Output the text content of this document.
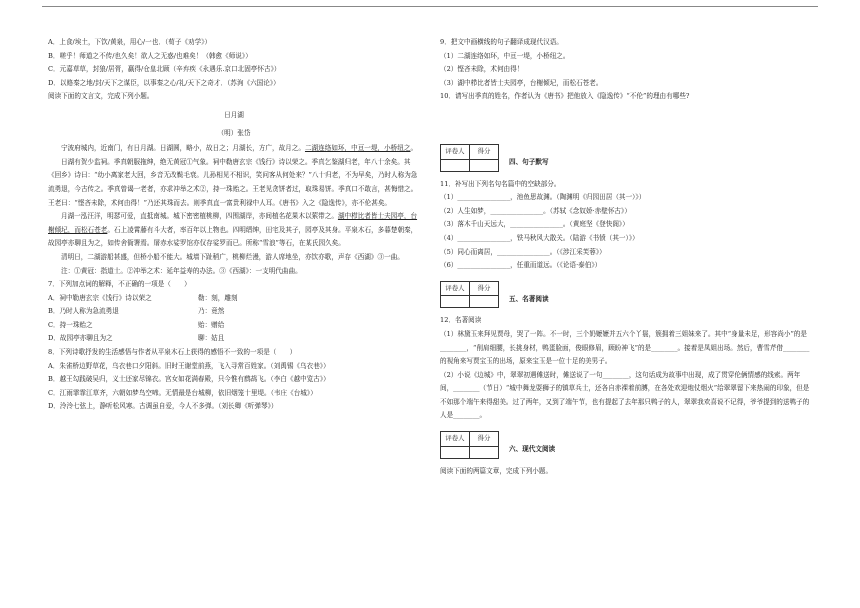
A．上食/埃土，下饮/黄泉，用心/一也．（荀子《劝学》）
B．嗟乎！师道之不传/也久矣！欲人之无惑/也难矣！（韩愈《师说》）
C．元嘉草草，封狼/居胥，赢得/仓皇北顾（辛弃疾《永遇乐.京口北固亭怀古》）
D．以赂秦之地/封/天下之谋臣，以事秦之心/礼/天下之奇才．（苏洵《六国论》）
阅读下面的文言文，完成下列小题。
日月湖
（明）张岱
宁波府城内，近南门，有日月湖。日湖圆，略小，故日之；月湖长，方广，故月之。二湖连络如环，中亘一堤，小桥纽之。
日湖有贺少监祠。季真朝服拖绅，绝无黄冠①气象。祠中勒唐玄宗《饯行》诗以荣之。季真乞鉴湖归老，年八十余矣。其《回乡》诗曰：“幼小离家老大回，乡音无改鬓毛衰。儿孙相见不相识，笑问客从何处来？”八十归老，不为早矣，乃时人称为急流勇退，今古传之。季真曾谒一老者，亦求冲举之术②，持一珠贻之。王老见贪饼者过，取珠易饼。季真口不敢言，甚悔惜之。王老曰：“悭吝未除，术何由得！”乃还其珠而去。则季真直一富贵利禄中人耳。《唐书》入之《隐逸传》，亦不伦甚矣。
月湖一泓汪洋，明瑟可爱，直抵南城。城下密密植桃柳，四围湖岸，亦间植名花果木以萦带之。湖中栉比者皆士夫园亭，台榭倾圮，而松石苍老。石上凌霄藤有斗大者，率百年以上物也。四明缙绅，田宅及其子，园亭及其身。平泉木石，多暮楚朝秦，故园亭亦聊且为之，如传舍衙署焉。屠赤水娑罗馆亦仅存娑罗而已。所称“雪浪”等石，在某氏园久矣。
清明日，二湖游船甚盛，但桥小船不能大。城墙下趾稍广，桃柳烂漫，游人席地坐，亦饮亦歌，声存《西湖》③一曲。
注：①黄冠：指道士。②冲举之术：延年益寿的办法。③《西湖》：一支明代曲曲。
7．下列加点词的解释，不正确的一项是（　　）
A．祠中勒唐玄宗《饯行》诗以荣之	勒：刻，雕刻
B．乃时人称为急流勇退	乃：竟然
C．持一珠贻之	贻：赠给
D．故园亭亦聊且为之	聊：姑且
8．下列诗歌抒发的生活感悟与作者从平泉木石上获得的感悟不一致的一项是（　　）
A．朱雀桥边野草花，乌衣巷口夕阳斜。旧时王谢堂前燕，飞入寻常百姓家。（刘禹锡《乌衣巷》）
B．越王勾践破吴归，义士还家尽锦衣。宫女如花满春殿，只今惟有鹧鸪飞。（李白《越中览古》）
C．江雨霏霏江草齐，六朝如梦鸟空啼。无情最是台城柳，依旧烟笼十里堤。（韦庄《台城》）
D．泠泠七弦上，静听松风寒。古调虽自爱，今人不多弹。（刘长卿《听弹琴》）
9．把文中画横线的句子翻译成现代汉语。
（1）二湖连络如环，中亘一堤，小桥纽之。
（2）悭吝未除，术何由得！
（3）湖中栉比者皆士夫园亭，台榭倾圮，而松石苍老。
10．请写出季真的姓名，作者认为《唐书》把他放入《隐逸传》“不伦”的理由有哪些?
评卷人	得分

四、句子默写
11．补写出下列名句名篇中的空缺部分。
（1）________________，池鱼思故渊。（陶渊明《归园田居（其一）》）
（2）人生如梦，________________。（苏轼《念奴娇·赤壁怀古》）
（3）落木千山天远大，________________。（黄庭坚《登快阁》）
（4）________________，铁马秋风大散关。（陆游《书愤（其一）》）
（5）同心而离居，________________。（《涉江采芙蓉》）
（6）________________，任重而道远。（《论语·泰伯》）
评卷人	得分

五、名著阅读
12．名著阅读
（1）林黛玉来拜见贾母，哭了一阵。不一时，三个奶嬷嬷并五六个丫鬟，簇拥着三姐妹来了。其中“身量未足，形容尚小”的是________，“削肩细腰，长挑身材，鸭蛋脸面，俊眼修眉，顾盼神飞”的是________。接着是凤姐出场。然后，曹雪芹借________的视角来写贾宝玉的出场，原来宝玉是一位十足的美男子。
（2）小说《边城》中，翠翠初遇傩送时，傩送说了一句________，这句话成为故事中出现，成了贯穿伦俩情感的线索。两年间，________（节日）“城中舞龙耍狮子的镇草兵士，还各自赤裸着前膊，在各处欢迎炮仗烟火”给翠翠留下来热闹的印象，但是不如那个端午来得甜美。过了两年，又到了端午节，也有提起了去年那只鸭子的人，翠翠我欢喜说不记得，爷爷提到的送鸭子的人是________。
评卷人	得分

六、现代文阅读
阅读下面的两篇文章，完成下列小题。
